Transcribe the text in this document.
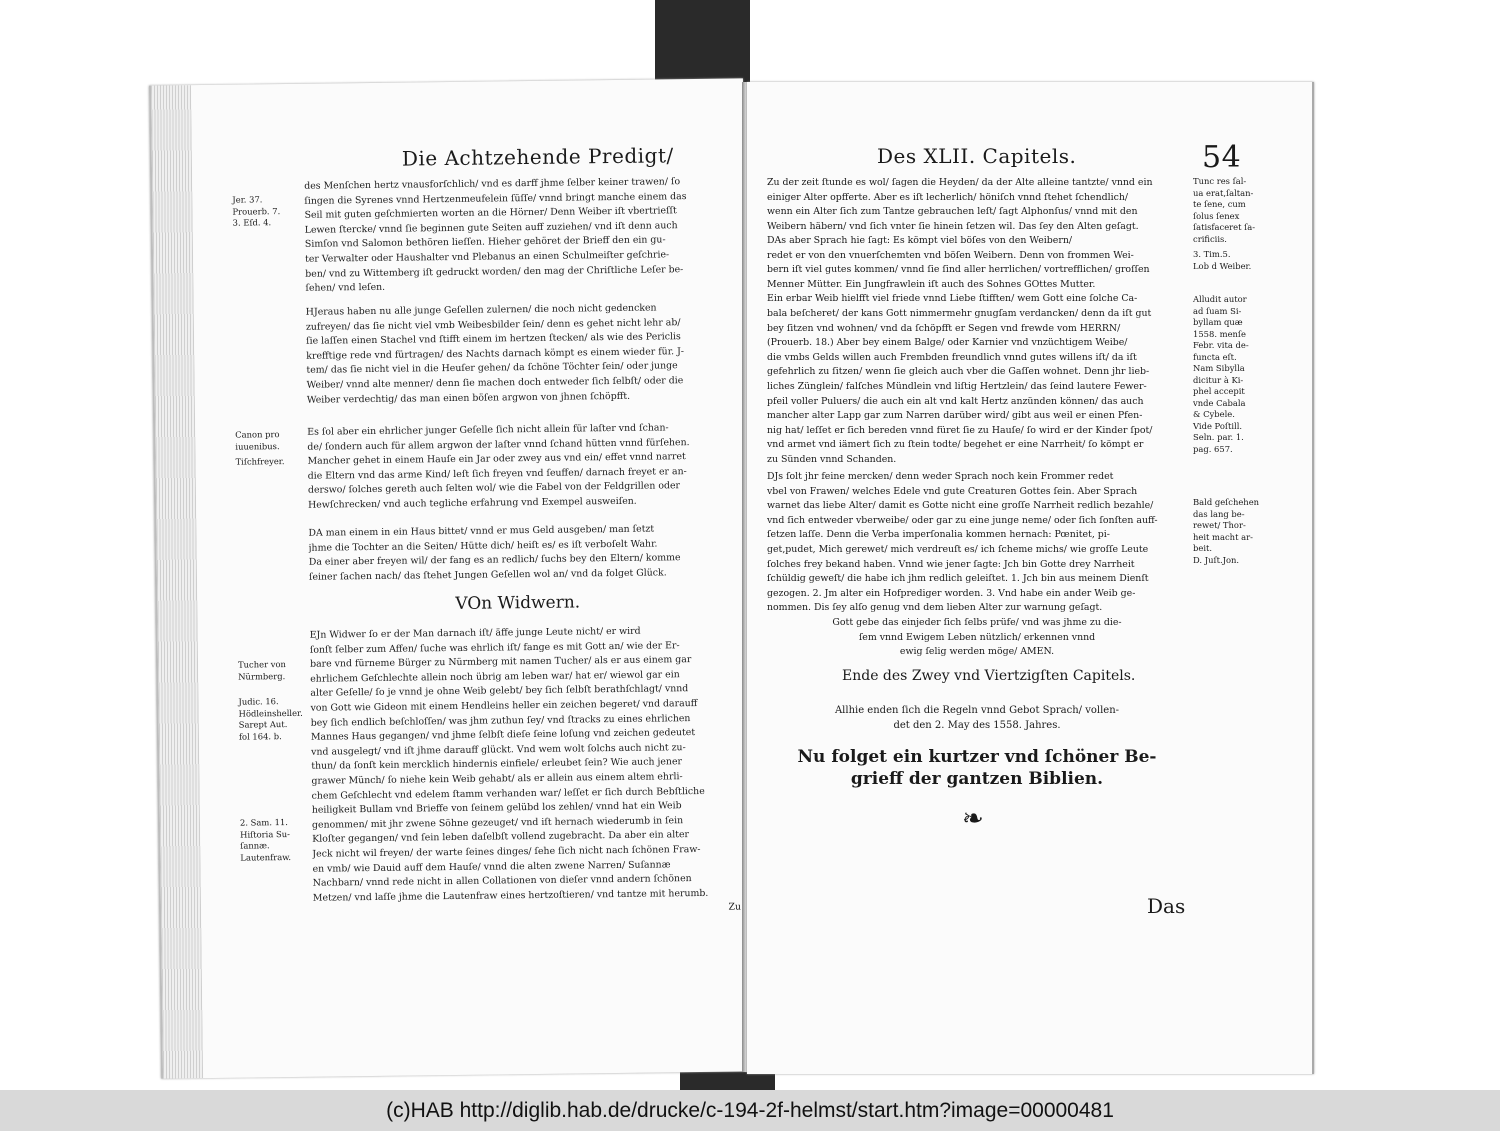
Die Achtzehende Predigt/
Jer. 37.
Prouerb. 7.
3. Eſd. 4.
des Menſchen hertz vnausforſchlich/ vnd es darff jhme ſelber keiner trawen/ ſo
ſingen die Syrenes vnnd Hertzenmeufelein ſüſſe/ vnnd bringt manche einem das
Seil mit guten geſchmierten worten an die Hörner/ Denn Weiber iſt vbertrieſſt
Lewen ſtercke/ vnnd ſie beginnen gute Seiten auff zuziehen/ vnd iſt denn auch
Simſon vnd Salomon bethören lieſſen. Hieher gehöret der Brieff den ein gu-
ter Verwalter oder Haushalter vnd Plebanus an einen Schulmeiſter geſchrie-
ben/ vnd zu Wittemberg iſt gedruckt worden/ den mag der Chriſtliche Leſer be-
ſehen/ vnd leſen.
HJeraus haben nu alle junge Geſellen zulernen/ die noch nicht gedencken
zufreyen/ das ſie nicht viel vmb Weibesbilder ſein/ denn es gehet nicht lehr ab/
ſie laſſen einen Stachel vnd ſtifft einem im hertzen ſtecken/ als wie des Periclis
krefftige rede vnd fürtragen/ des Nachts darnach kömpt es einem wieder für. J-
tem/ das ſie nicht viel in die Heuſer gehen/ da ſchöne Töchter ſein/ oder junge
Weiber/ vnnd alte menner/ denn ſie machen doch entweder ſich ſelbſt/ oder die
Weiber verdechtig/ das man einen böſen argwon von jhnen ſchöpfft.
Canon pro
iuuenibus.
Tiſchfreyer.
Es ſol aber ein ehrlicher junger Geſelle ſich nicht allein für laſter vnd ſchan-
de/ ſondern auch für allem argwon der laſter vnnd ſchand hütten vnnd fürſehen.
Mancher gehet in einem Hauſe ein Jar oder zwey aus vnd ein/ effet vnnd narret
die Eltern vnd das arme Kind/ leſt ſich freyen vnd ſeuffen/ darnach freyet er an-
derswo/ ſolches gereth auch ſelten wol/ wie die Fabel von der Feldgrillen oder
Hewſchrecken/ vnd auch tegliche erfahrung vnd Exempel ausweiſen.
DA man einem in ein Haus bittet/ vnnd er mus Geld ausgeben/ man ſetzt
jhme die Tochter an die Seiten/ Hütte dich/ heiſt es/ es iſt verboſelt Wahr.
Da einer aber freyen wil/ der fang es an redlich/ ſuchs bey den Eltern/ komme
ſeiner ſachen nach/ das ſtehet Jungen Geſellen wol an/ vnd da folget Glück.
VOn Widwern.
Tucher von
Nürmberg.
Judic. 16.
Hödleinsheller.
Sarept Aut.
fol 164. b.
2. Sam. 11.
Hiſtoria Su-
ſannæ.
Lautenfraw.
EJn Widwer ſo er der Man darnach iſt/ äffe junge Leute nicht/ er wird
ſonſt ſelber zum Affen/ ſuche was ehrlich iſt/ fange es mit Gott an/ wie der Er-
bare vnd fürneme Bürger zu Nürmberg mit namen Tucher/ als er aus einem gar
ehrlichem Geſchlechte allein noch übrig am leben war/ hat er/ wiewol gar ein
alter Geſelle/ ſo je vnnd je ohne Weib gelebt/ bey ſich ſelbſt berathſchlagt/ vnnd
von Gott wie Gideon mit einem Hendleins heller ein zeichen begeret/ vnd darauff
bey ſich endlich beſchloſſen/ was jhm zuthun ſey/ vnd ſtracks zu eines ehrlichen
Mannes Haus gegangen/ vnd jhme ſelbſt dieſe ſeine loſung vnd zeichen gedeutet
vnd ausgelegt/ vnd iſt jhme darauff glückt. Vnd wem wolt ſolchs auch nicht zu-
thun/ da ſonſt kein mercklich hindernis einfiele/ erleubet ſein? Wie auch jener
grawer Münch/ ſo niehe kein Weib gehabt/ als er allein aus einem altem ehrli-
chem Geſchlecht vnd edelem ſtamm verhanden war/ leſſet er ſich durch Bebſtliche
heiligkeit Bullam vnd Brieffe von ſeinem gelübd los zehlen/ vnnd hat ein Weib
genommen/ mit jhr zwene Söhne gezeuget/ vnd iſt hernach wiederumb in ſein
Kloſter gegangen/ vnd ſein leben daſelbſt vollend zugebracht. Da aber ein alter
Jeck nicht wil freyen/ der warte ſeines dinges/ ſehe ſich nicht nach ſchönen Fraw-
en vmb/ wie Dauid auff dem Hauſe/ vnnd die alten zwene Narren/ Suſannæ
Nachbarn/ vnnd rede nicht in allen Collationen von dieſer vnnd andern ſchönen
Metzen/ vnd laſſe jhme die Lautenfraw eines hertzoſtieren/ vnd tantze mit herumb.
Zu
Des XLII. Capitels.	54
Zu der zeit ſtunde es wol/ ſagen die Heyden/ da der Alte alleine tantzte/ vnnd ein
einiger Alter opfferte. Aber es iſt lecherlich/ höniſch vnnd ſtehet ſchendlich/
wenn ein Alter ſich zum Tantze gebrauchen leſt/ ſagt Alphonſus/ vnnd mit den
Weibern häbern/ vnd ſich vnter ſie hinein ſetzen wil. Das ſey den Alten geſagt.
DAs aber Sprach hie ſagt: Es kömpt viel böſes von den Weibern/
redet er von den vnuerſchemten vnd böſen Weibern. Denn von frommen Wei-
bern iſt viel gutes kommen/ vnnd ſie ſind aller herrlichen/ vortrefflichen/ groſſen
Menner Mütter. Ein Jungfrawlein iſt auch des Sohnes GOttes Mutter.
Ein erbar Weib hielfft viel friede vnnd Liebe ſtifften/ wem Gott eine ſolche Ca-
bala beſcheret/ der kans Gott nimmermehr gnugſam verdancken/ denn da iſt gut
bey ſitzen vnd wohnen/ vnd da ſchöpfft er Segen vnd frewde vom HERRN/
(Prouerb. 18.) Aber bey einem Balge/ oder Karnier vnd vnzüchtigem Weibe/
die vmbs Gelds willen auch Frembden freundlich vnnd gutes willens iſt/ da iſt
gefehrlich zu ſitzen/ wenn ſie gleich auch vber die Gaſſen wohnet. Denn jhr lieb-
liches Zünglein/ falſches Mündlein vnd liſtig Hertzlein/ das ſeind lautere Fewer-
pfeil voller Puluers/ die auch ein alt vnd kalt Hertz anzünden können/ das auch
mancher alter Lapp gar zum Narren darüber wird/ gibt aus weil er einen Pfen-
nig hat/ leſſet er ſich bereden vnnd füret ſie zu Hauſe/ ſo wird er der Kinder ſpot/
vnd armet vnd iämert ſich zu ſtein todte/ begehet er eine Narrheit/ ſo kömpt er
zu Sünden vnnd Schanden.
DJs ſolt jhr feine mercken/ denn weder Sprach noch kein Frommer redet
vbel von Frawen/ welches Edele vnd gute Creaturen Gottes ſein. Aber Sprach
warnet das liebe Alter/ damit es Gotte nicht eine groſſe Narrheit redlich bezahle/
vnd ſich entweder vberweibe/ oder gar zu eine junge neme/ oder ſich ſonſten auff-
ſetzen laſſe. Denn die Verba imperſonalia kommen hernach: Pœnitet, pi-
get,pudet, Mich gerewet/ mich verdreuſt es/ ich ſcheme michs/ wie groſſe Leute
ſolches frey bekand haben. Vnnd wie jener ſagte: Jch bin Gotte drey Narrheit
ſchüldig geweſt/ die habe ich jhm redlich geleiſtet. 1. Jch bin aus meinem Dienſt
gezogen. 2. Jm alter ein Hofprediger worden. 3. Vnd habe ein ander Weib ge-
nommen. Dis ſey alſo genug vnd dem lieben Alter zur warnung geſagt.
Gott gebe das einjeder ſich ſelbs prüfe/ vnd was jhme zu die-
ſem vnnd Ewigem Leben nützlich/ erkennen vnnd
ewig ſelig werden möge/ AMEN.
Ende des Zwey vnd Viertzigſten Capitels.
Allhie enden ſich die Regeln vnnd Gebot Sprach/ vollen-
det den 2. May des 1558. Jahres.
Nu folget ein kurtzer vnd ſchöner Be-
grieff der gantzen Biblien.
❧
Das
Tunc res ſal-
ua erat,ſaltan-
te ſene, cum
ſolus ſenex
ſatisfaceret ſa-
crificiis.
3. Tim.5.
Lob d Weiber.
Alludit autor
ad ſuam Si-
byllam quæ
1558. menſe
Febr. vita de-
functa eſt.
Nam Sibylla
dicitur à Ki-
phel accepit
vnde Cabala
& Cybele.
Vide Poſtill.
Seln. par. 1.
pag. 657.
Bald geſchehen
das lang be-
rewet/ Thor-
heit macht ar-
beit.
D. Juſt.Jon.
(c)HAB http://diglib.hab.de/drucke/c-194-2f-helmst/start.htm?image=00000481
